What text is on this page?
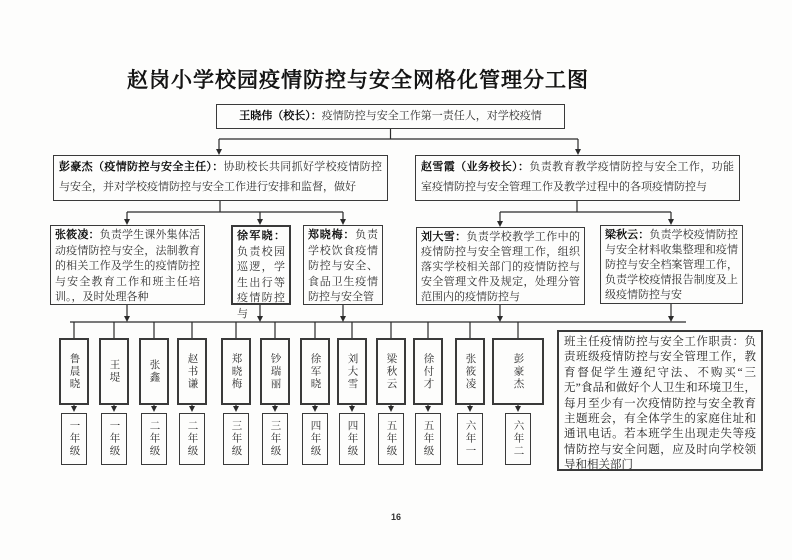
赵岗小学校园疫情防控与安全网格化管理分工图
王晓伟（校长）：疫情防控与安全工作第一责任人，对学校疫情
彭豪杰（疫情防控与安全主任）：协助校长共同抓好学校疫情防控与安全，并对学校疫情防控与安全工作进行安排和监督，做好
赵雪霞（业务校长）：负责教育教学疫情防控与安全工作，功能室疫情防控与安全管理工作及教学过程中的各项疫情防控与
张筱凌：负责学生课外集体活动疫情防控与安全，法制教育的相关工作及学生的疫情防控与安全教育工作和班主任培训。，及时处理各种
徐军晓：负责校园巡逻，学生出行等疫情防控与
郑晓梅：负责学校饮食疫情防控与安全、食品卫生疫情防控与安全管
刘大雪：负责学校教学工作中的疫情防控与安全管理工作，组织落实学校相关部门的疫情防控与安全管理文件及规定，处理分管范围内的疫情防控与
梁秋云：负责学校疫情防控与安全材料收集整理和疫情防控与安全档案管理工作，负责学校疫情报告制度及上级疫情防控与安
鲁晨晓	王堤	张鑫	赵书谦	郑晓梅	钞瑞丽	徐军晓	刘大雪	梁秋云	徐付才	张筱凌	彭豪杰
一年级	一年级	二年级	二年级	三年级	三年级	四年级	四年级	五年级	五年级	六年一	六年二
班主任疫情防控与安全工作职责：负责班级疫情防控与安全管理工作，教育督促学生遵纪守法、不购买“三无”食品和做好个人卫生和环境卫生，每月至少有一次疫情防控与安全教育主题班会，有全体学生的家庭住址和通讯电话。若本班学生出现走失等疫情防控与安全问题，应及时向学校领导和相关部门
16
